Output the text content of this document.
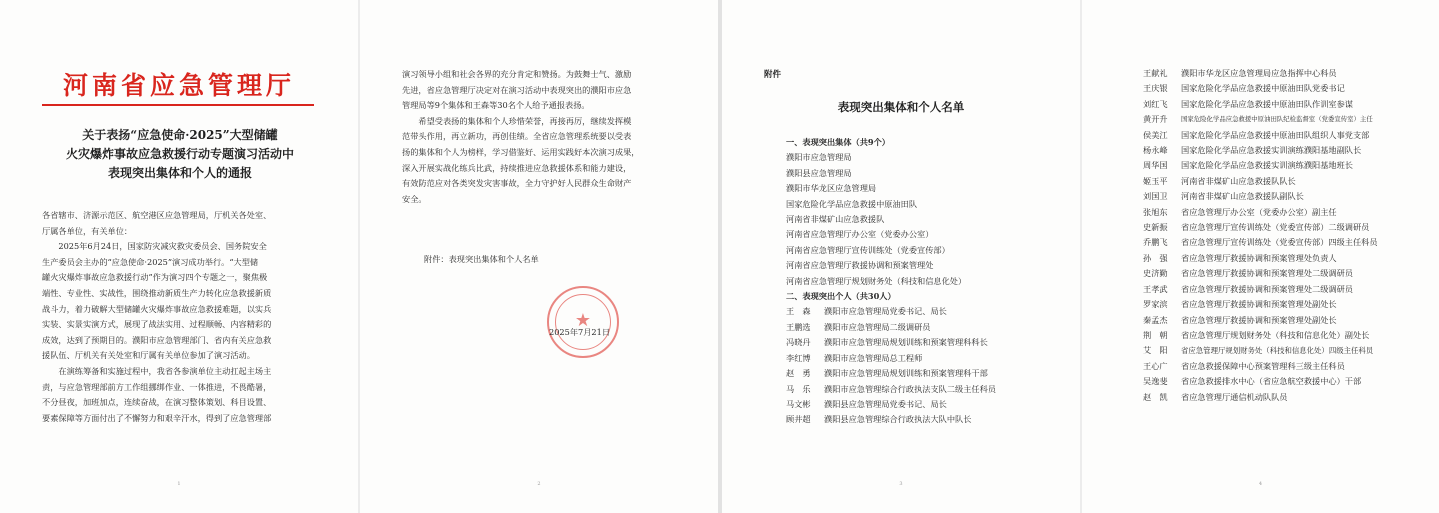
1
河南省应急管理厅
关于表扬“应急使命·2025”大型储罐
火灾爆炸事故应急救援行动专题演习活动中
表现突出集体和个人的通报

各省辖市、济源示范区、航空港区应急管理局，厅机关各处室、

厅属各单位，有关单位：

　　2025年6月24日，国家防灾减灾救灾委员会、国务院安全

生产委员会主办的“应急使命·2025”演习成功举行。“大型储

罐火灾爆炸事故应急救援行动”作为演习四个专题之一，聚焦极

端性、专业性、实战性，围绕推动新质生产力转化应急救援新质

战斗力，着力破解大型储罐火灾爆炸事故应急救援难题，以实兵

实装、实景实演方式，展现了战法实用、过程顺畅、内容精彩的

成效，达到了预期目的。濮阳市应急管理部门、省内有关应急救

援队伍、厅机关有关处室和厅属有关单位参加了演习活动。

　　在演练筹备和实施过程中，我省各参演单位主动扛起主场主

责，与应急管理部前方工作组挪绑作业、一体推进，不畏酷暑，

不分昼夜，加班加点，连续奋战，在演习整体策划、科目设置、

要素保障等方面付出了不懈努力和艰辛汗水，得到了应急管理部

2

演习领导小组和社会各界的充分肯定和赞扬。为鼓舞士气、激励

先进，省应急管理厅决定对在演习活动中表现突出的濮阳市应急

管理局等9个集体和王森等30名个人给予通报表扬。

　　希望受表扬的集体和个人珍惜荣誉，再接再厉，继续发挥模

范带头作用，再立新功，再创佳绩。全省应急管理系统要以受表

扬的集体和个人为榜样，学习借鉴好、运用实践好本次演习成果，

深入开展实战化练兵比武，持续推进应急救援体系和能力建设，

有效防范应对各类突发灾害事故，全力守护好人民群众生命财产

安全。

附件：表现突出集体和个人名单
★
2025年7月21日
3
附件
表现突出集体和个人名单
一、表现突出集体（共9个）
濮阳市应急管理局
濮阳县应急管理局
濮阳市华龙区应急管理局
国家危险化学品应急救援中原油田队
河南省非煤矿山应急救援队
河南省应急管理厅办公室（党委办公室）
河南省应急管理厅宣传训练处（党委宣传部）
河南省应急管理厅救援协调和预案管理处
河南省应急管理厅规划财务处（科技和信息化处）
二、表现突出个人（共30人）
王　森	濮阳市应急管理局党委书记、局长
王鹏选	濮阳市应急管理局二级调研员
冯晓丹	濮阳市应急管理局规划训练和预案管理科科长
李红博	濮阳市应急管理局总工程师
赵　勇	濮阳市应急管理局规划训练和预案管理科干部
马　乐	濮阳市应急管理综合行政执法支队二级主任科员
马文彬	濮阳县应急管理局党委书记、局长
顾井超	濮阳县应急管理综合行政执法大队中队长
4
王献礼	濮阳市华龙区应急管理局应急指挥中心科员
王庆银	国家危险化学品应急救援中原油田队党委书记
刘红飞	国家危险化学品应急救援中原油田队作训室参谋
黄开升	国家危险化学品应急救援中原油田队纪检监督室（党委宣传室）主任
侯美江	国家危险化学品应急救援中原油田队组织人事党支部
杨永峰	国家危险化学品应急救援实训演练濮阳基地副队长
周华国	国家危险化学品应急救援实训演练濮阳基地班长
姬玉平	河南省非煤矿山应急救援队队长
刘国卫	河南省非煤矿山应急救援队副队长
张旭东	省应急管理厅办公室（党委办公室）副主任
史新振	省应急管理厅宣传训练处（党委宣传部）二级调研员
乔鹏飞	省应急管理厅宣传训练处（党委宣传部）四级主任科员
孙　强	省应急管理厅救援协调和预案管理处负责人
史济勤	省应急管理厅救援协调和预案管理处二级调研员
王孝武	省应急管理厅救援协调和预案管理处二级调研员
罗家滨	省应急管理厅救援协调和预案管理处副处长
秦孟杰	省应急管理厅救援协调和预案管理处副处长
荆　朝	省应急管理厅规划财务处（科技和信息化处）副处长
艾　阳	省应急管理厅规划财务处（科技和信息化处）四级主任科员
王心广	省应急救援保障中心预案管理科三级主任科员
吴逸斐	省应急救援排水中心（省应急航空救援中心）干部
赵　凯	省应急管理厅通信机动队队员
